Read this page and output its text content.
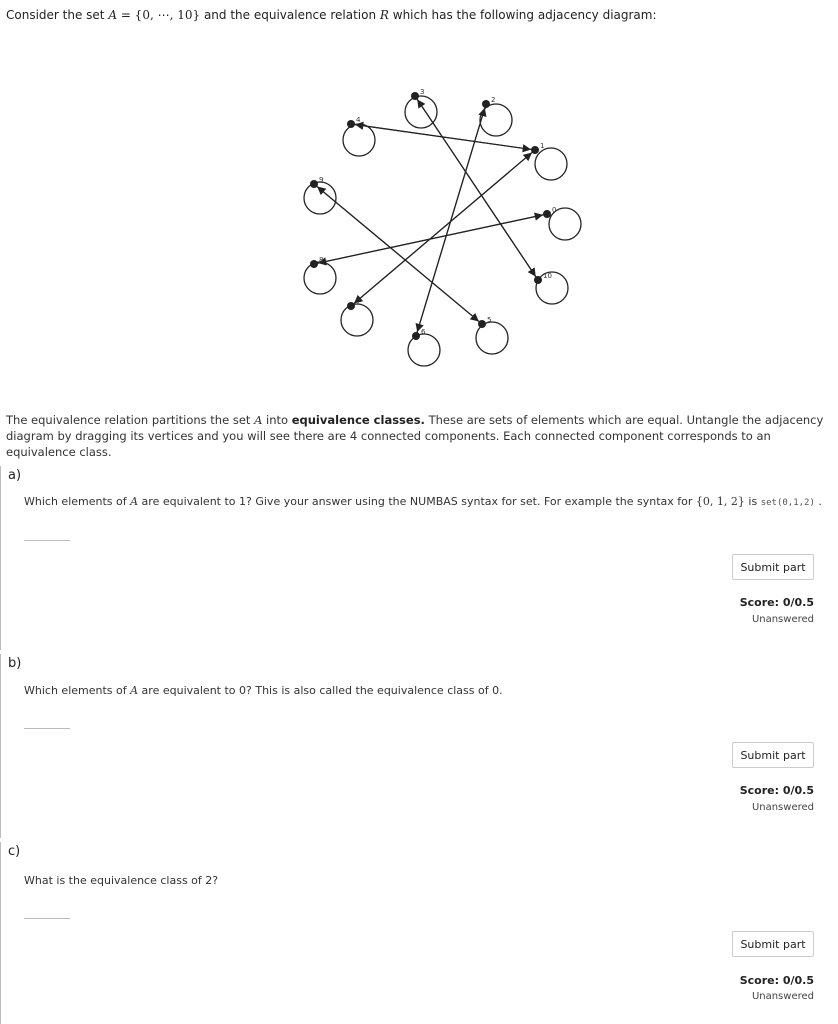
Consider the set A = {0, ⋯, 10} and the equivalence relation R which has the following adjacency diagram:
0
1
2
3
4
5
6
7
8
9
10
The equivalence relation partitions the set A into equivalence classes. These are sets of elements which are equal. Untangle the adjacency diagram by dragging its vertices and you will see there are 4 connected components. Each connected component corresponds to an equivalence class.
a)
Which elements of A are equivalent to 1? Give your answer using the NUMBAS syntax for set. For example the syntax for {0, 1, 2} is set(0,1,2) .
Submit part
Score: 0/0.5
Unanswered
b)
Which elements of A are equivalent to 0? This is also called the equivalence class of 0.
Submit part
Score: 0/0.5
Unanswered
c)
What is the equivalence class of 2?
Submit part
Score: 0/0.5
Unanswered
